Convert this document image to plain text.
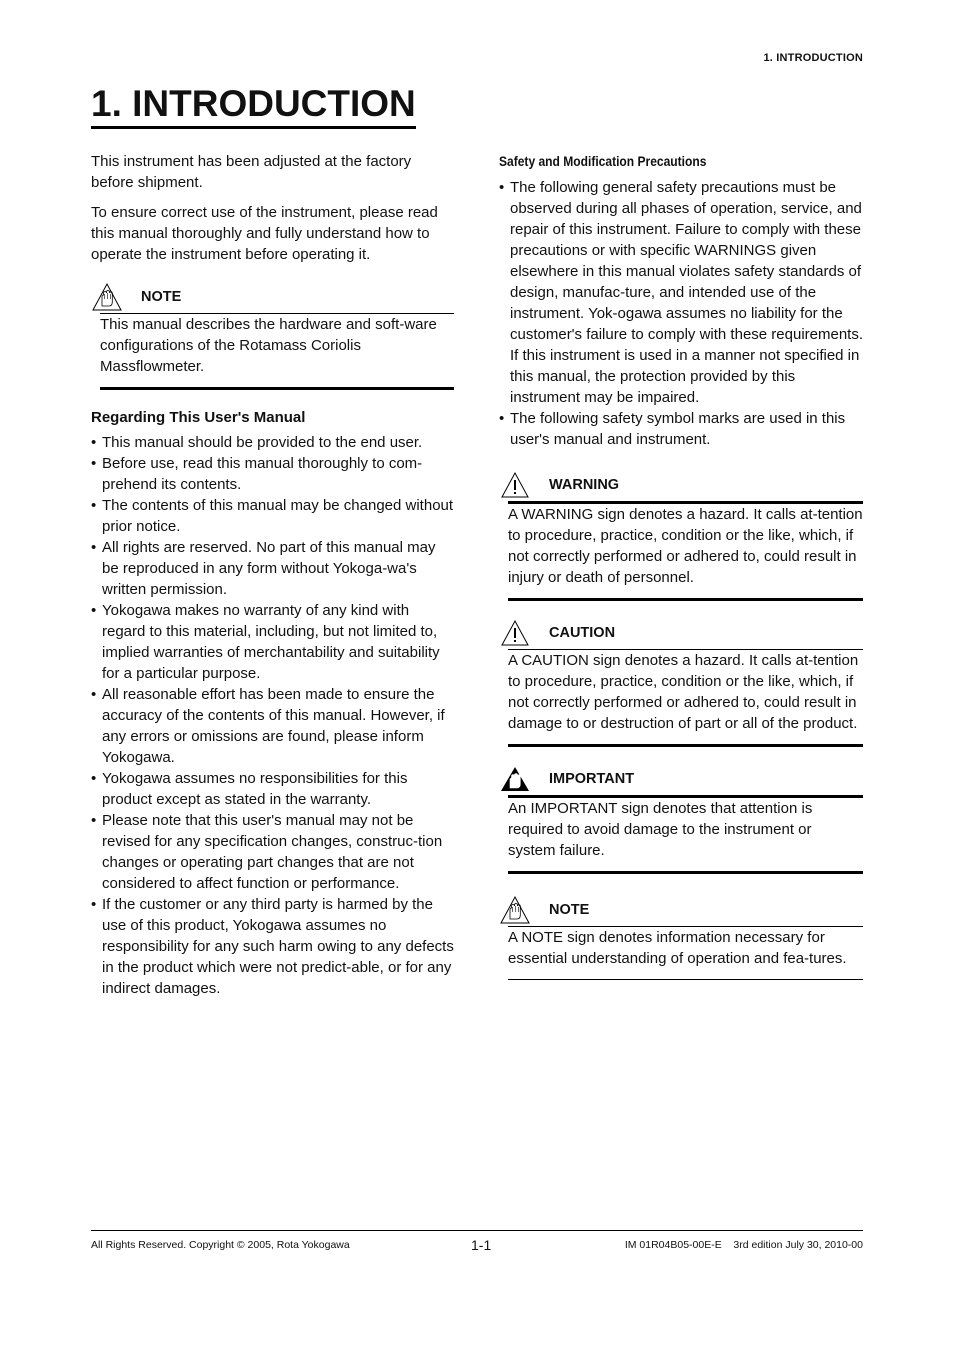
1. INTRODUCTION
1. INTRODUCTION

This instrument has been adjusted at the factory before shipment.

To ensure correct use of the instrument, please read this manual thoroughly and fully understand how to operate the instrument before operating it.

NOTE

This manual describes the hardware and soft-ware configurations of the Rotamass Coriolis Massflowmeter.

Regarding This User's Manual

• This manual should be provided to the end user.
• Before use, read this manual thoroughly to com-prehend its contents.
• The contents of this manual may be changed without prior notice.
• All rights are reserved. No part of this manual may be reproduced in any form without Yokoga-wa's written permission.
• Yokogawa makes no warranty of any kind with regard to this material, including, but not limited to, implied warranties of merchantability and suitability for a particular purpose.
• All reasonable effort has been made to ensure the accuracy of the contents of this manual. However, if any errors or omissions are found, please inform Yokogawa.
• Yokogawa assumes no responsibilities for this product except as stated in the warranty.
• Please note that this user's manual may not be revised for any specification changes, construc-tion changes or operating part changes that are not considered to affect function or performance.
• If the customer or any third party is harmed by the use of this product, Yokogawa assumes no responsibility for any such harm owing to any defects in the product which were not predict-able, or for any indirect damages.

Safety and Modification Precautions

• The following general safety precautions must be observed during all phases of operation, service, and repair of this instrument. Failure to comply with these precautions or with specific WARNINGS given elsewhere in this manual violates safety standards of design, manufac-ture, and intended use of the instrument. Yok-ogawa assumes no liability for the customer's failure to comply with these requirements. If this instrument is used in a manner not specified in this manual, the protection provided by this instrument may be impaired.
• The following safety symbol marks are used in this user's manual and instrument.
WARNING

A WARNING sign denotes a hazard. It calls at-tention to procedure, practice, condition or the like, which, if not correctly performed or adhered to, could result in injury or death of personnel.

CAUTION

A CAUTION sign denotes a hazard. It calls at-tention to procedure, practice, condition or the like, which, if not correctly performed or adhered to, could result in damage to or destruction of part or all of the product.

IMPORTANT

An IMPORTANT sign denotes that attention is required to avoid damage to the instrument or system failure.

NOTE

A NOTE sign denotes information necessary for essential understanding of operation and fea-tures.

All Rights Reserved. Copyright © 2005, Rota Yokogawa	1-1	IM 01R04B05-00E-E    3rd edition July 30, 2010-00
